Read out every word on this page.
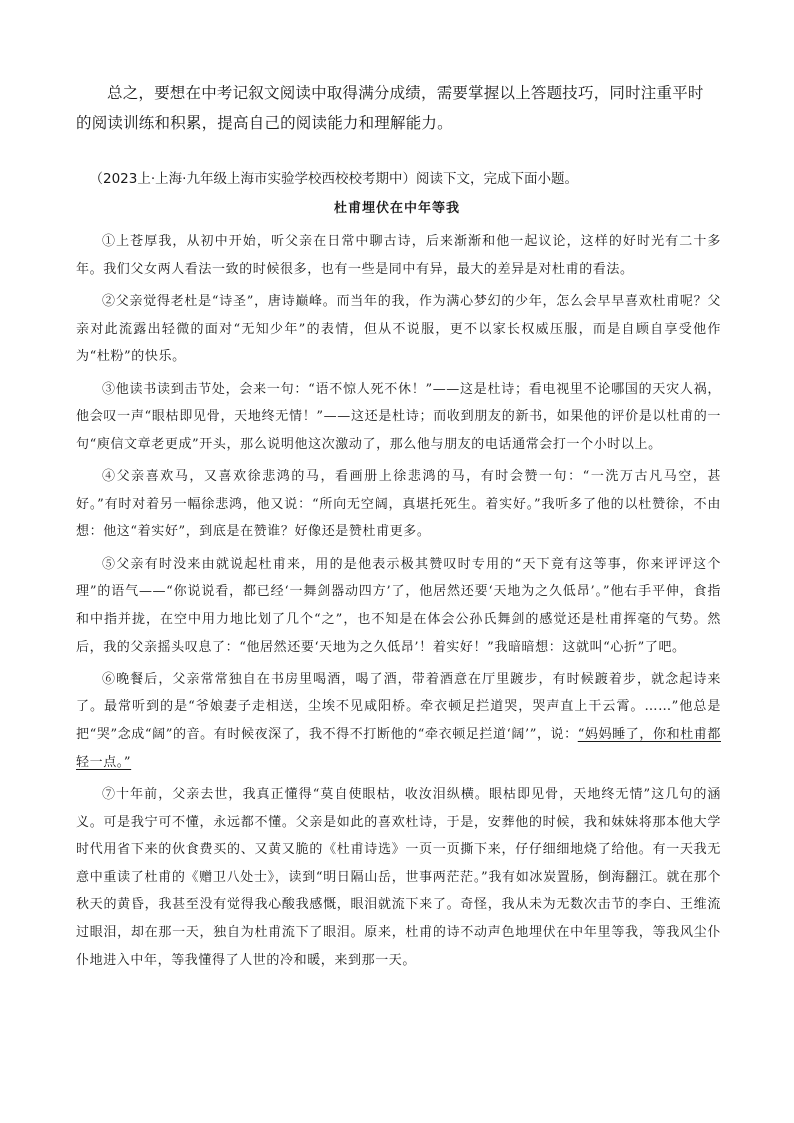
总之，要想在中考记叙文阅读中取得满分成绩，需要掌握以上答题技巧，同时注重平时的阅读训练和积累，提高自己的阅读能力和理解能力。

（2023上·上海·九年级上海市实验学校西校校考期中）阅读下文，完成下面小题。

杜甫埋伏在中年等我

①上苍厚我，从初中开始，听父亲在日常中聊古诗，后来渐渐和他一起议论，这样的好时光有二十多年。我们父女两人看法一致的时候很多，也有一些是同中有异，最大的差异是对杜甫的看法。

②父亲觉得老杜是“诗圣”，唐诗巅峰。而当年的我，作为满心梦幻的少年，怎么会早早喜欢杜甫呢？父亲对此流露出轻微的面对“无知少年”的表情，但从不说服，更不以家长权威压服，而是自顾自享受他作为“杜粉”的快乐。

③他读书读到击节处，会来一句：“语不惊人死不休！”——这是杜诗；看电视里不论哪国的天灾人祸，他会叹一声“眼枯即见骨，天地终无情！”——这还是杜诗；而收到朋友的新书，如果他的评价是以杜甫的一句“庾信文章老更成”开头，那么说明他这次激动了，那么他与朋友的电话通常会打一个小时以上。

④父亲喜欢马，又喜欢徐悲鸿的马，看画册上徐悲鸿的马，有时会赞一句：“一洗万古凡马空，甚好。”有时对着另一幅徐悲鸿，他又说：“所向无空阔，真堪托死生。着实好。”我听多了他的以杜赞徐，不由想：他这“着实好”，到底是在赞谁？好像还是赞杜甫更多。

⑤父亲有时没来由就说起杜甫来，用的是他表示极其赞叹时专用的“天下竟有这等事，你来评评这个理”的语气——“你说说看，都已经‘一舞剑器动四方’了，他居然还要‘天地为之久低昂’。”他右手平伸，食指和中指并拢，在空中用力地比划了几个“之”，也不知是在体会公孙氏舞剑的感觉还是杜甫挥毫的气势。然后，我的父亲摇头叹息了：“他居然还要‘天地为之久低昂’！着实好！”我暗暗想：这就叫“心折”了吧。

⑥晚餐后，父亲常常独自在书房里喝酒，喝了酒，带着酒意在厅里踱步，有时候踱着步，就念起诗来了。最常听到的是“爷娘妻子走相送，尘埃不见咸阳桥。牵衣顿足拦道哭，哭声直上干云霄。……”他总是把“哭”念成“阔”的音。有时候夜深了，我不得不打断他的“牵衣顿足拦道‘阔’”，说：“妈妈睡了，你和杜甫都轻一点。”

⑦十年前，父亲去世，我真正懂得“莫自使眼枯，收汝泪纵横。眼枯即见骨，天地终无情”这几句的涵义。可是我宁可不懂，永远都不懂。父亲是如此的喜欢杜诗，于是，安葬他的时候，我和妹妹将那本他大学时代用省下来的伙食费买的、又黄又脆的《杜甫诗选》一页一页撕下来，仔仔细细地烧了给他。有一天我无意中重读了杜甫的《赠卫八处士》，读到“明日隔山岳，世事两茫茫。”我有如冰炭置肠，倒海翻江。就在那个秋天的黄昏，我甚至没有觉得我心酸我感慨，眼泪就流下来了。奇怪，我从未为无数次击节的李白、王维流过眼泪，却在那一天，独自为杜甫流下了眼泪。原来，杜甫的诗不动声色地埋伏在中年里等我，等我风尘仆仆地进入中年，等我懂得了人世的冷和暖，来到那一天。
